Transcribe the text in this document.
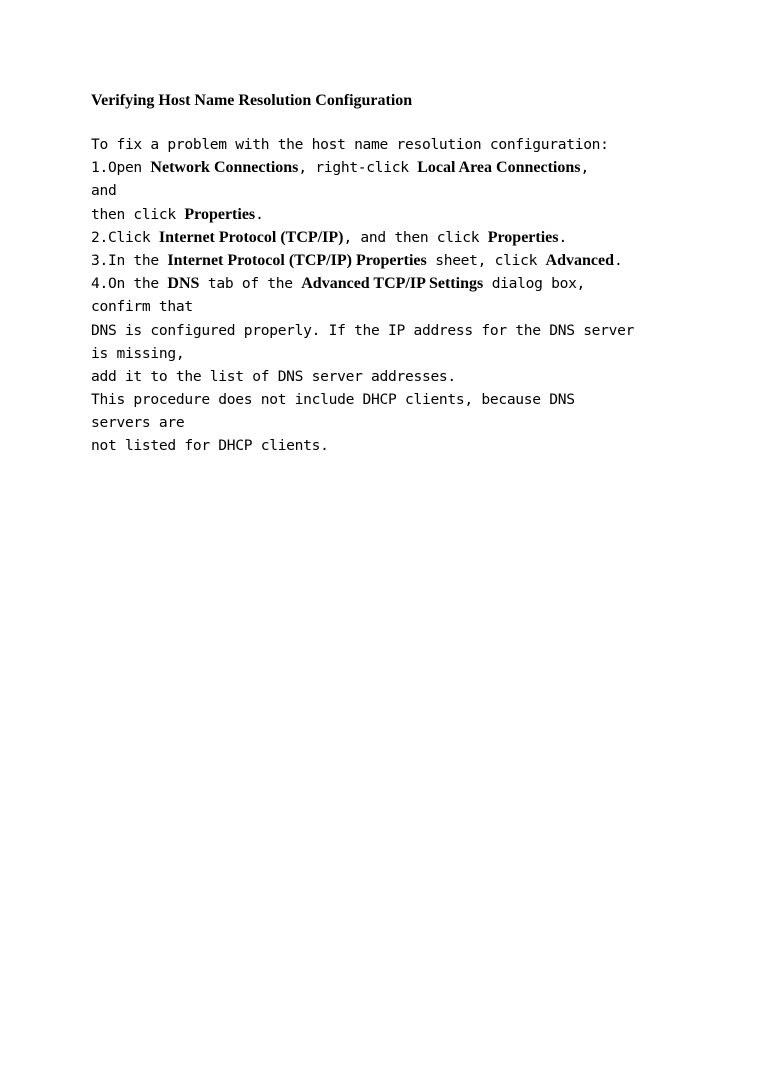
Verifying Host Name Resolution Configuration
To fix a problem with the host name resolution configuration:
1.Open Network Connections, right-click Local Area Connections,
and
then click Properties.
2.Click Internet Protocol (TCP/IP), and then click Properties.
3.In the Internet Protocol (TCP/IP) Properties sheet, click Advanced.
4.On the DNS tab of the Advanced TCP/IP Settings dialog box,
confirm that
DNS is configured properly. If the IP address for the DNS server
is missing,
add it to the list of DNS server addresses.
This procedure does not include DHCP clients, because DNS
servers are
not listed for DHCP clients.
